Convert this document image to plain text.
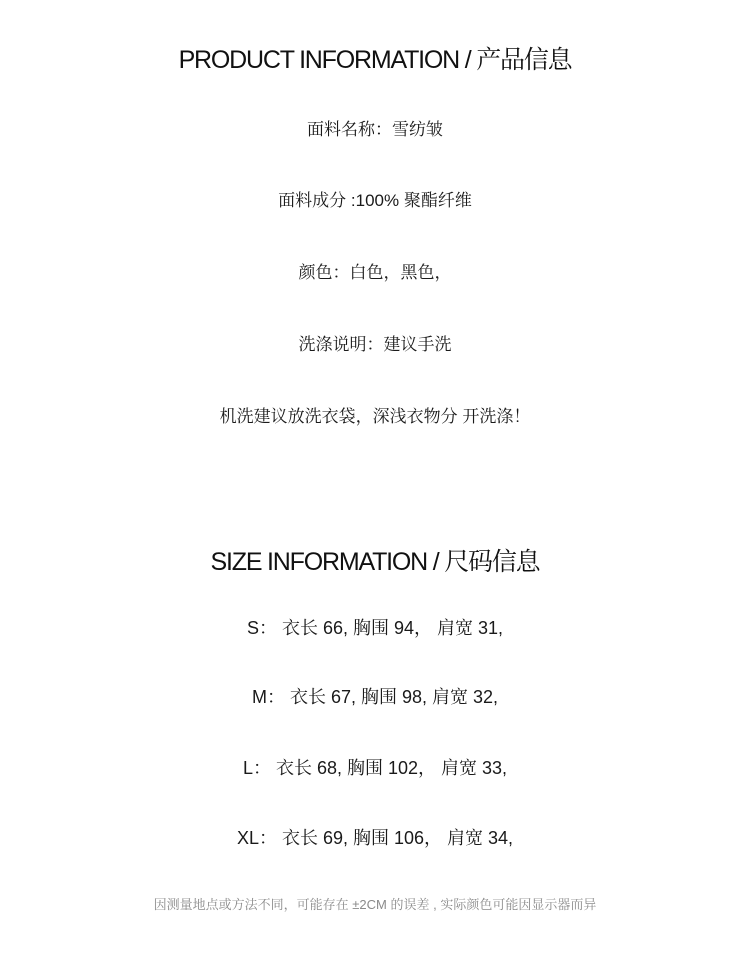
PRODUCT INFORMATION / 产品信息
面料名称：雪纺皱
面料成分 :100% 聚酯纤维
颜色：白色，黑色，
洗涤说明：建议手洗
机洗建议放洗衣袋，深浅衣物分 开洗涤！
SIZE INFORMATION / 尺码信息
S： 衣长 66, 胸围 94， 肩宽 31,
M： 衣长 67, 胸围 98, 肩宽 32,
L： 衣长 68, 胸围 102， 肩宽 33,
XL： 衣长 69, 胸围 106， 肩宽 34,
因测量地点或方法不同，可能存在 ±2CM 的误差 , 实际颜色可能因显示器而异
